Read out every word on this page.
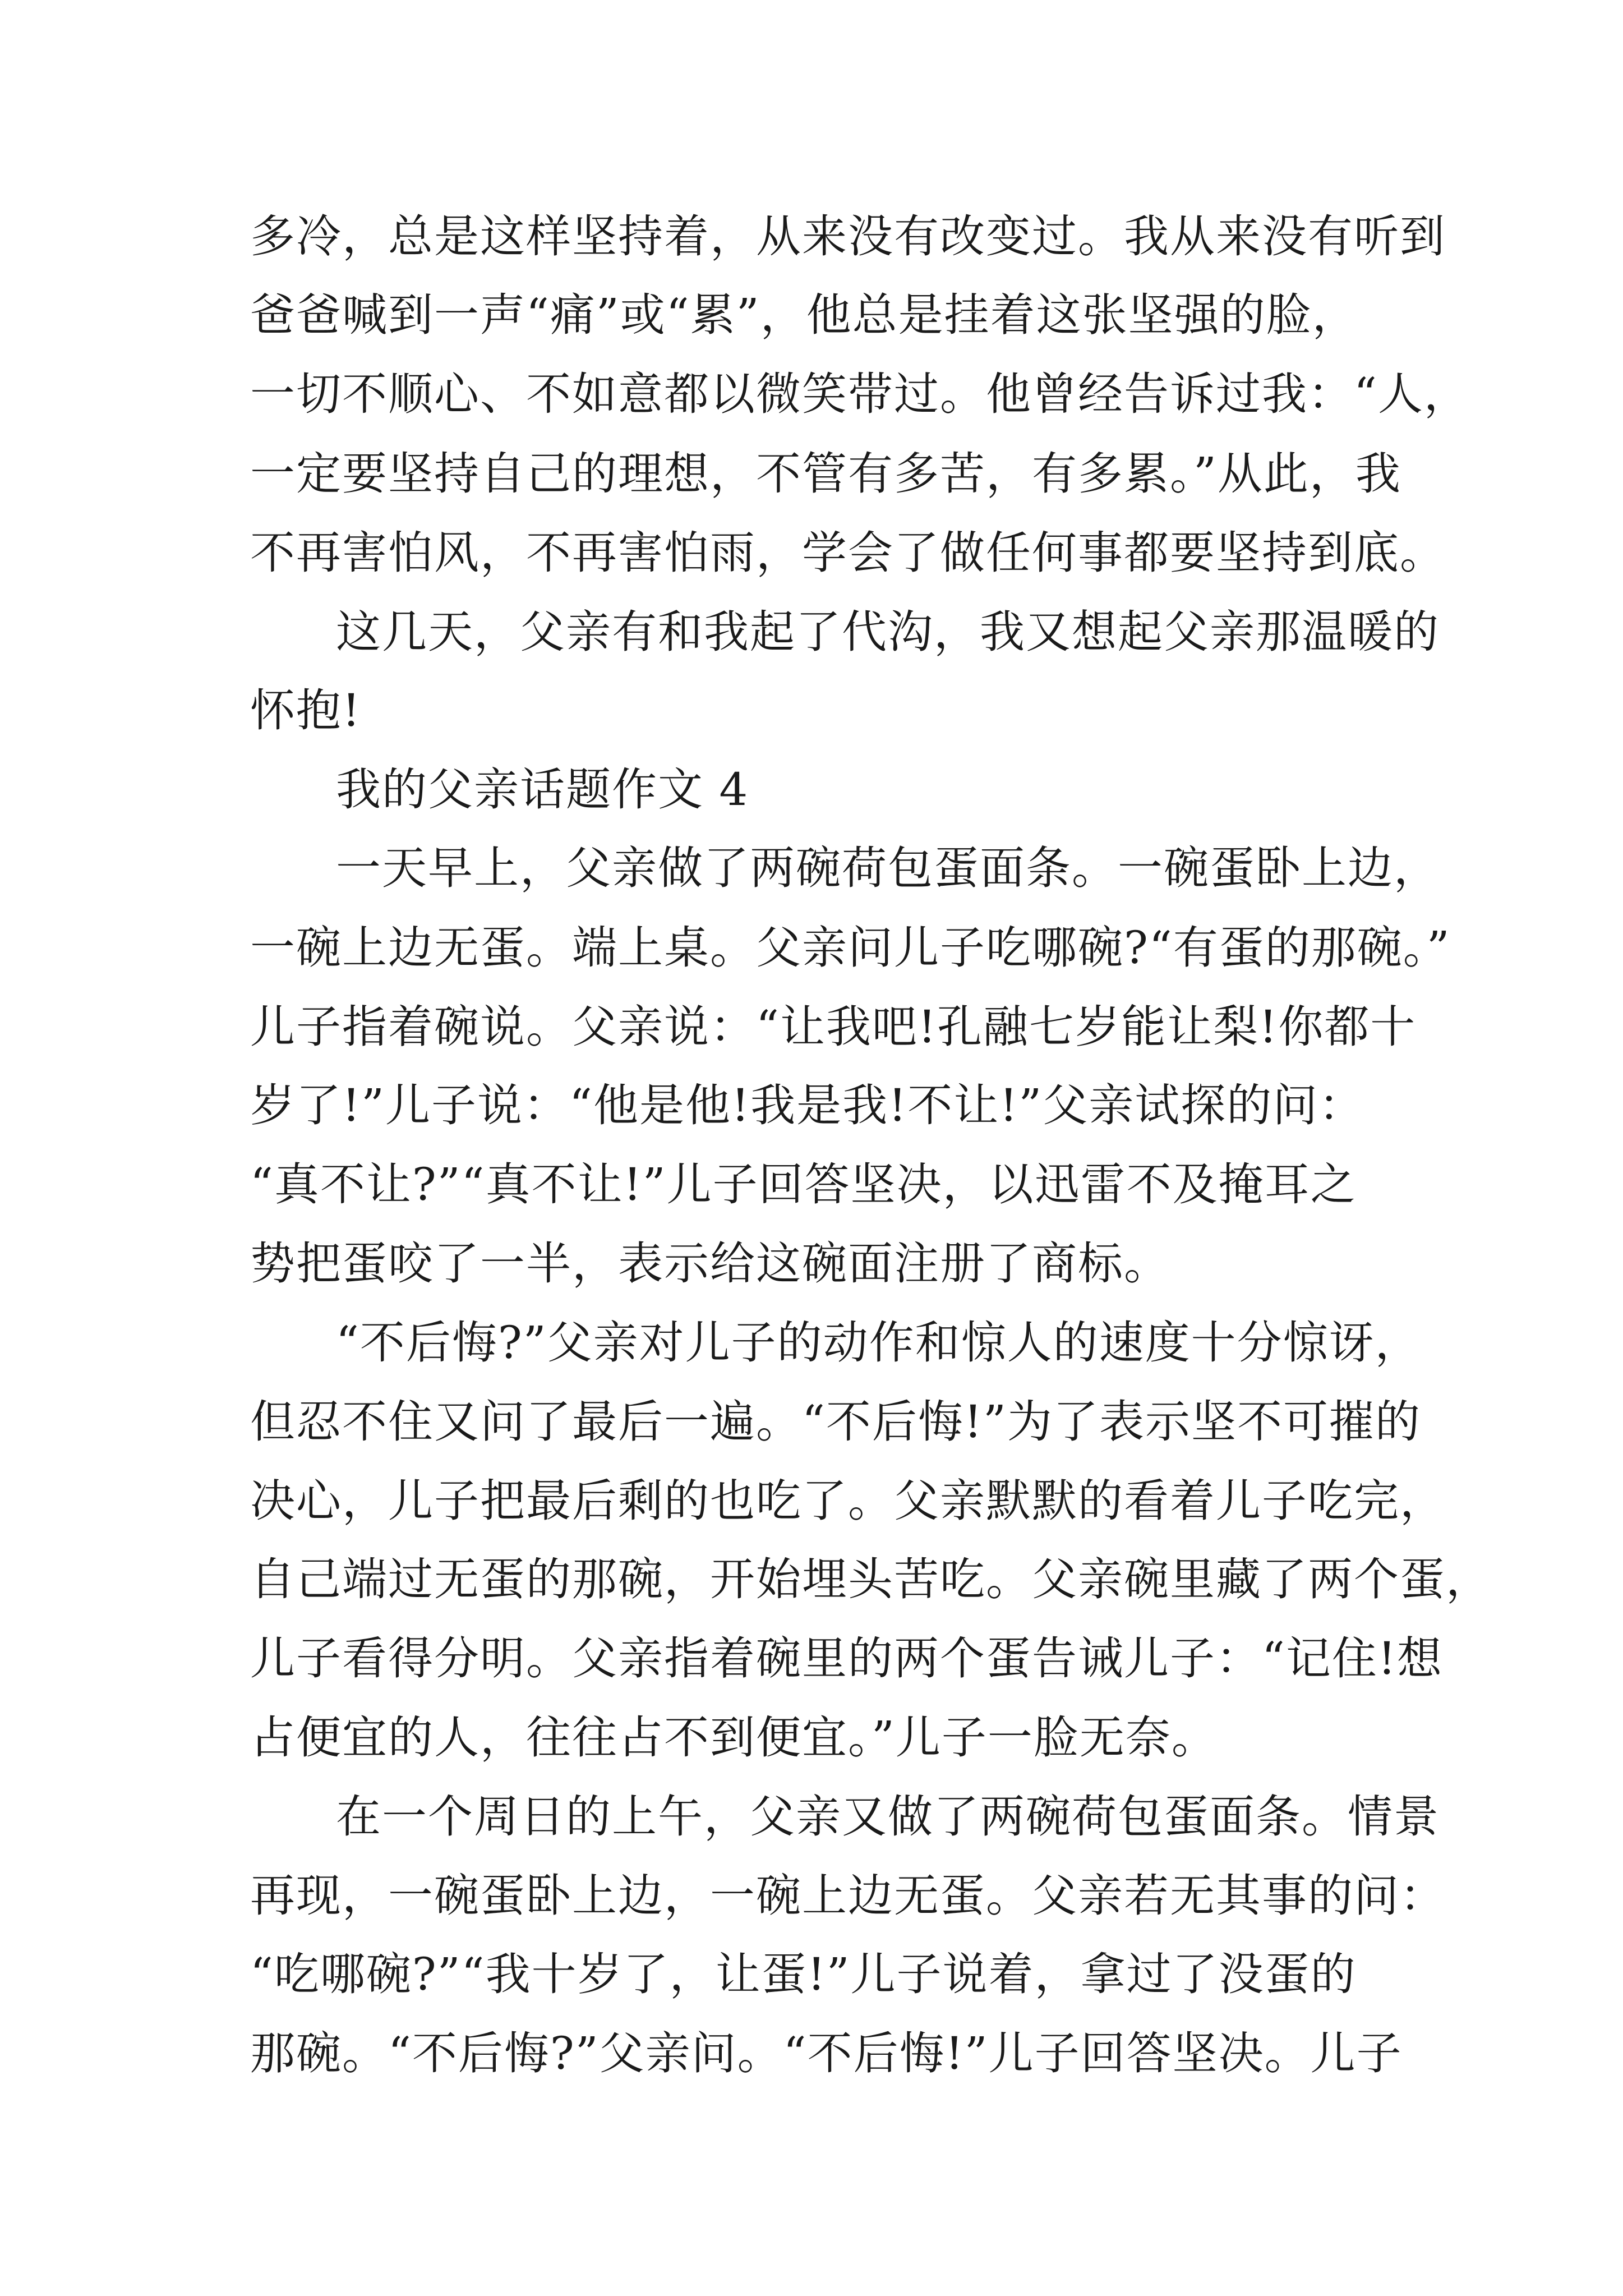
多冷，总是这样坚持着，从来没有改变过。我从来没有听到
爸爸喊到一声“痛”或“累”，他总是挂着这张坚强的脸，
一切不顺心、不如意都以微笑带过。他曾经告诉过我：“人，
一定要坚持自己的理想，不管有多苦，有多累。”从此，我
不再害怕风，不再害怕雨，学会了做任何事都要坚持到底。
这几天，父亲有和我起了代沟，我又想起父亲那温暖的
怀抱!
我的父亲话题作文 4
一天早上，父亲做了两碗荷包蛋面条。一碗蛋卧上边，
一碗上边无蛋。端上桌。父亲问儿子吃哪碗?“有蛋的那碗。”
儿子指着碗说。父亲说：“让我吧!孔融七岁能让梨!你都十
岁了!”儿子说：“他是他!我是我!不让!”父亲试探的问：
“真不让?”“真不让!”儿子回答坚决，以迅雷不及掩耳之
势把蛋咬了一半，表示给这碗面注册了商标。
“不后悔?”父亲对儿子的动作和惊人的速度十分惊讶，
但忍不住又问了最后一遍。“不后悔!”为了表示坚不可摧的
决心，儿子把最后剩的也吃了。父亲默默的看着儿子吃完，
自己端过无蛋的那碗，开始埋头苦吃。父亲碗里藏了两个蛋，
儿子看得分明。父亲指着碗里的两个蛋告诫儿子：“记住!想
占便宜的人，往往占不到便宜。”儿子一脸无奈。
在一个周日的上午，父亲又做了两碗荷包蛋面条。情景
再现，一碗蛋卧上边，一碗上边无蛋。父亲若无其事的问：
“吃哪碗?”“我十岁了，让蛋!”儿子说着，拿过了没蛋的
那碗。“不后悔?”父亲问。“不后悔!”儿子回答坚决。儿子
